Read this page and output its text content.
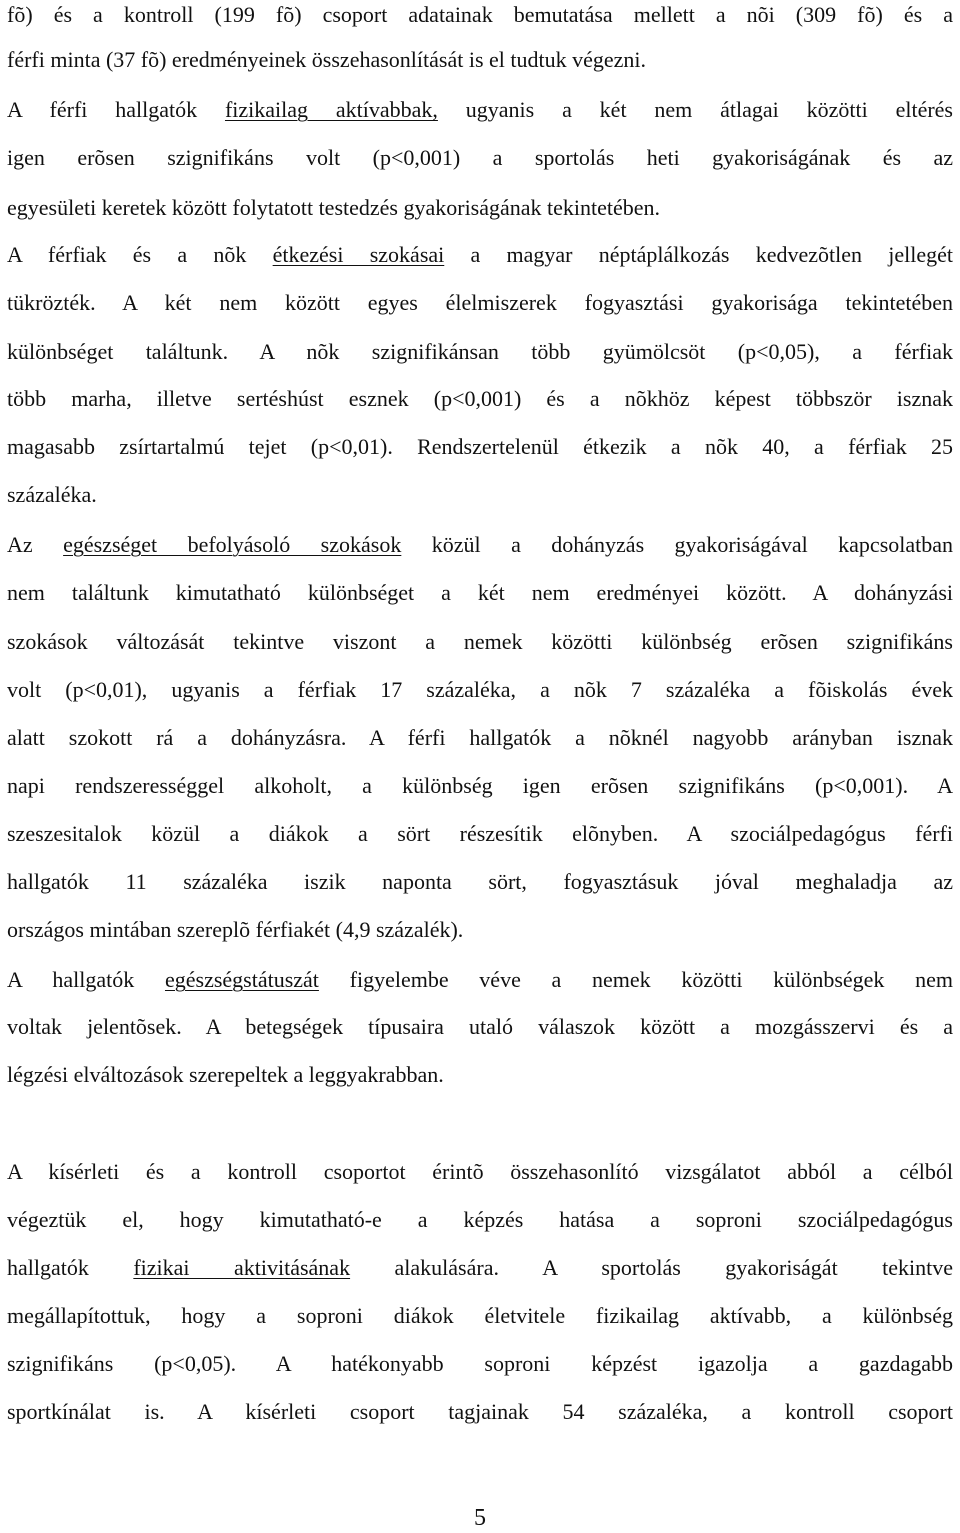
fõ) és a kontroll (199 fõ) csoport adatainak bemutatása mellett a nõi (309 fõ) és a
férfi minta (37 fõ) eredményeinek összehasonlítását is el tudtuk végezni.
A férfi hallgatók fizikailag aktívabbak, ugyanis a két nem átlagai közötti eltérés
igen erõsen szignifikáns volt (p<0,001) a sportolás heti gyakoriságának és az
egyesületi keretek között folytatott testedzés gyakoriságának tekintetében.
A férfiak és a nõk étkezési szokásai a magyar néptáplálkozás kedvezõtlen jellegét
tükrözték. A két nem között egyes élelmiszerek fogyasztási gyakorisága tekintetében
különbséget találtunk. A nõk szignifikánsan több gyümölcsöt (p<0,05), a férfiak
több marha, illetve sertéshúst esznek (p<0,001) és a nõkhöz képest többször isznak
magasabb zsírtartalmú tejet (p<0,01). Rendszertelenül étkezik a nõk 40, a férfiak 25
százaléka.
Az egészséget befolyásoló szokások közül a dohányzás gyakoriságával kapcsolatban
nem találtunk kimutatható különbséget a két nem eredményei között. A dohányzási
szokások változását tekintve viszont a nemek közötti különbség erõsen szignifikáns
volt (p<0,01), ugyanis a férfiak 17 százaléka, a nõk 7 százaléka a fõiskolás évek
alatt szokott rá a dohányzásra. A férfi hallgatók a nõknél nagyobb arányban isznak
napi rendszerességgel alkoholt, a különbség igen erõsen szignifikáns (p<0,001). A
szeszesitalok közül a diákok a sört részesítik elõnyben. A szociálpedagógus férfi
hallgatók 11 százaléka iszik naponta sört, fogyasztásuk jóval meghaladja az
országos mintában szereplõ férfiakét (4,9 százalék).
A hallgatók egészségstátuszát figyelembe véve a nemek közötti különbségek nem
voltak jelentõsek. A betegségek típusaira utaló válaszok között a mozgásszervi és a
légzési elváltozások szerepeltek a leggyakrabban.
A kísérleti és a kontroll csoportot érintõ összehasonlító vizsgálatot abból a célból
végeztük el, hogy kimutatható-e a képzés hatása a soproni szociálpedagógus
hallgatók fizikai aktivitásának alakulására. A sportolás gyakoriságát tekintve
megállapítottuk, hogy a soproni diákok életvitele fizikailag aktívabb, a különbség
szignifikáns (p<0,05). A hatékonyabb soproni képzést igazolja a gazdagabb
sportkínálat is. A kísérleti csoport tagjainak 54 százaléka, a kontroll csoport
5
